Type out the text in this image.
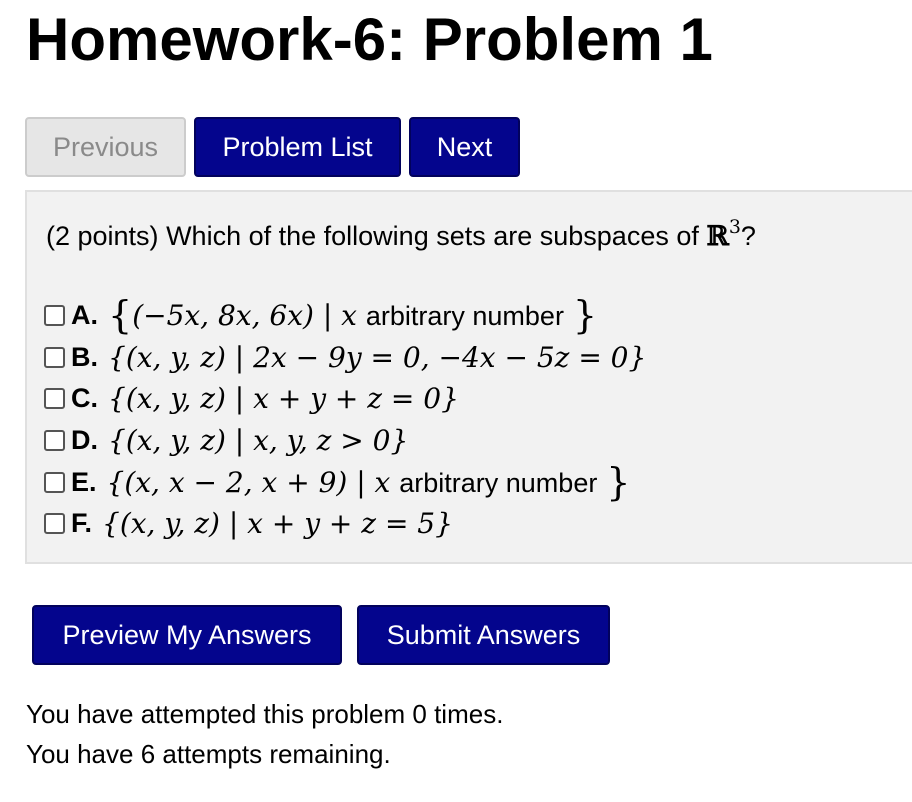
Homework-6: Problem 1
Previous	Problem List	Next
(2 points) Which of the following sets are subspaces of ℝ$^3$?
A. {(−5x, 8x, 6x) | x arbitrary number }
B. {(x, y, z) | 2x − 9y = 0, −4x − 5z = 0}
C. {(x, y, z) | x + y + z = 0}
D. {(x, y, z) | x, y, z > 0}
E. {(x, x − 2, x + 9) | x arbitrary number }
F. {(x, y, z) | x + y + z = 5}
Preview My Answers	Submit Answers
You have attempted this problem 0 times.
You have 6 attempts remaining.
